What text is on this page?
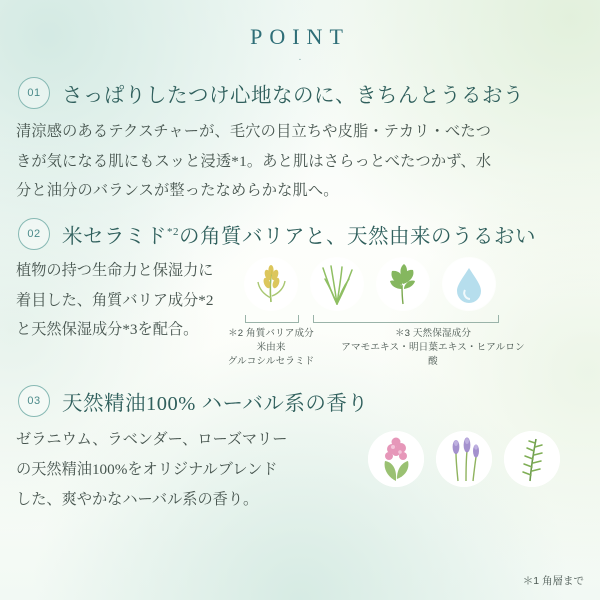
POINT
·
01	さっぱりしたつけ心地なのに、きちんとうるおう
清涼感のあるテクスチャーが、毛穴の目立ちや皮脂・テカリ・べたつ
きが気になる肌にもスッと浸透*1。あと肌はさらっとべたつかず、水
分と油分のバランスが整ったなめらかな肌へ。
02	米セラミド$^{*2}$の角質バリアと、天然由来のうるおい
植物の持つ生命力と保湿力に
着目した、角質バリア成分*2
と天然保湿成分*3を配合。	＊2 角質バリア成分
米由来
グルコシルセラミド
＊3 天然保湿成分
アマモエキス・明日葉エキス・ヒアルロン酸
03	天然精油100% ハーバル系の香り
ゼラニウム、ラベンダー、ローズマリー
の天然精油100%をオリジナルブレンド
した、爽やかなハーバル系の香り。
＊1 角層まで
